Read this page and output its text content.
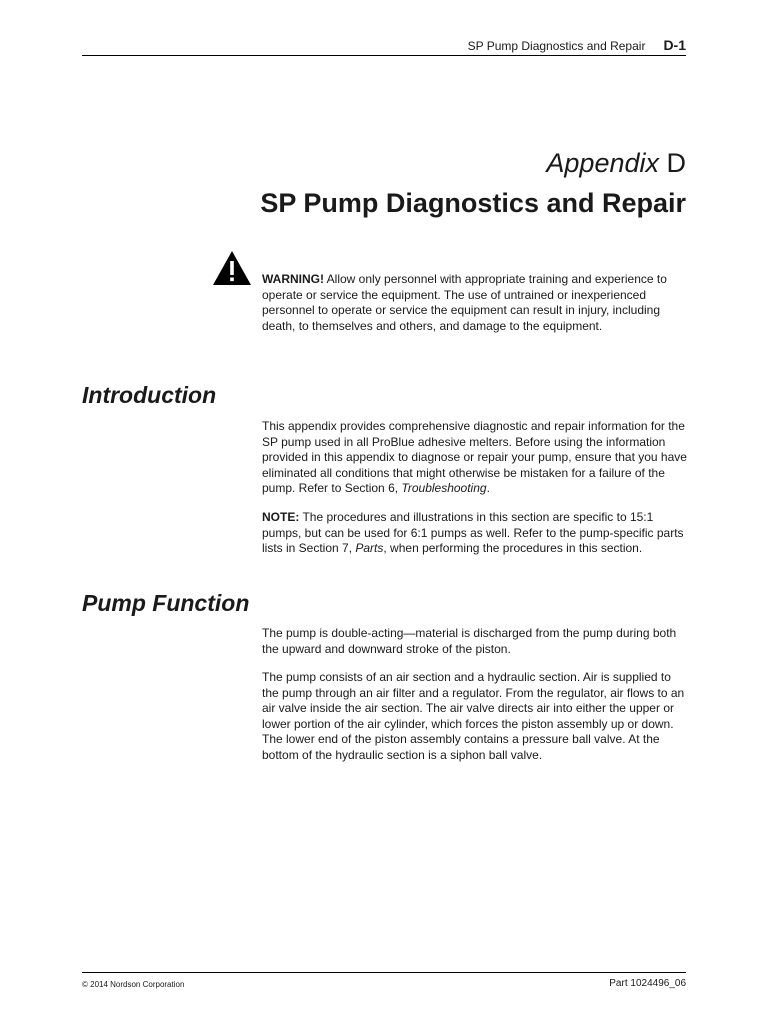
SP Pump Diagnostics and Repair D-1
Appendix D
SP Pump Diagnostics and Repair

WARNING! Allow only personnel with appropriate training and experience to operate or service the equipment. The use of untrained or inexperienced personnel to operate or service the equipment can result in injury, including death, to themselves and others, and damage to the equipment.

Introduction

This appendix provides comprehensive diagnostic and repair information for the SP pump used in all ProBlue adhesive melters. Before using the information provided in this appendix to diagnose or repair your pump, ensure that you have eliminated all conditions that might otherwise be mistaken for a failure of the pump. Refer to Section 6, Troubleshooting.

NOTE: The procedures and illustrations in this section are specific to 15:1 pumps, but can be used for 6:1 pumps as well. Refer to the pump-specific parts lists in Section 7, Parts, when performing the procedures in this section.

Pump Function

The pump is double-acting—material is discharged from the pump during both the upward and downward stroke of the piston.

The pump consists of an air section and a hydraulic section. Air is supplied to the pump through an air filter and a regulator. From the regulator, air flows to an air valve inside the air section. The air valve directs air into either the upper or lower portion of the air cylinder, which forces the piston assembly up or down. The lower end of the piston assembly contains a pressure ball valve. At the bottom of the hydraulic section is a siphon ball valve.

© 2014 Nordson Corporation	Part 1024496_06
